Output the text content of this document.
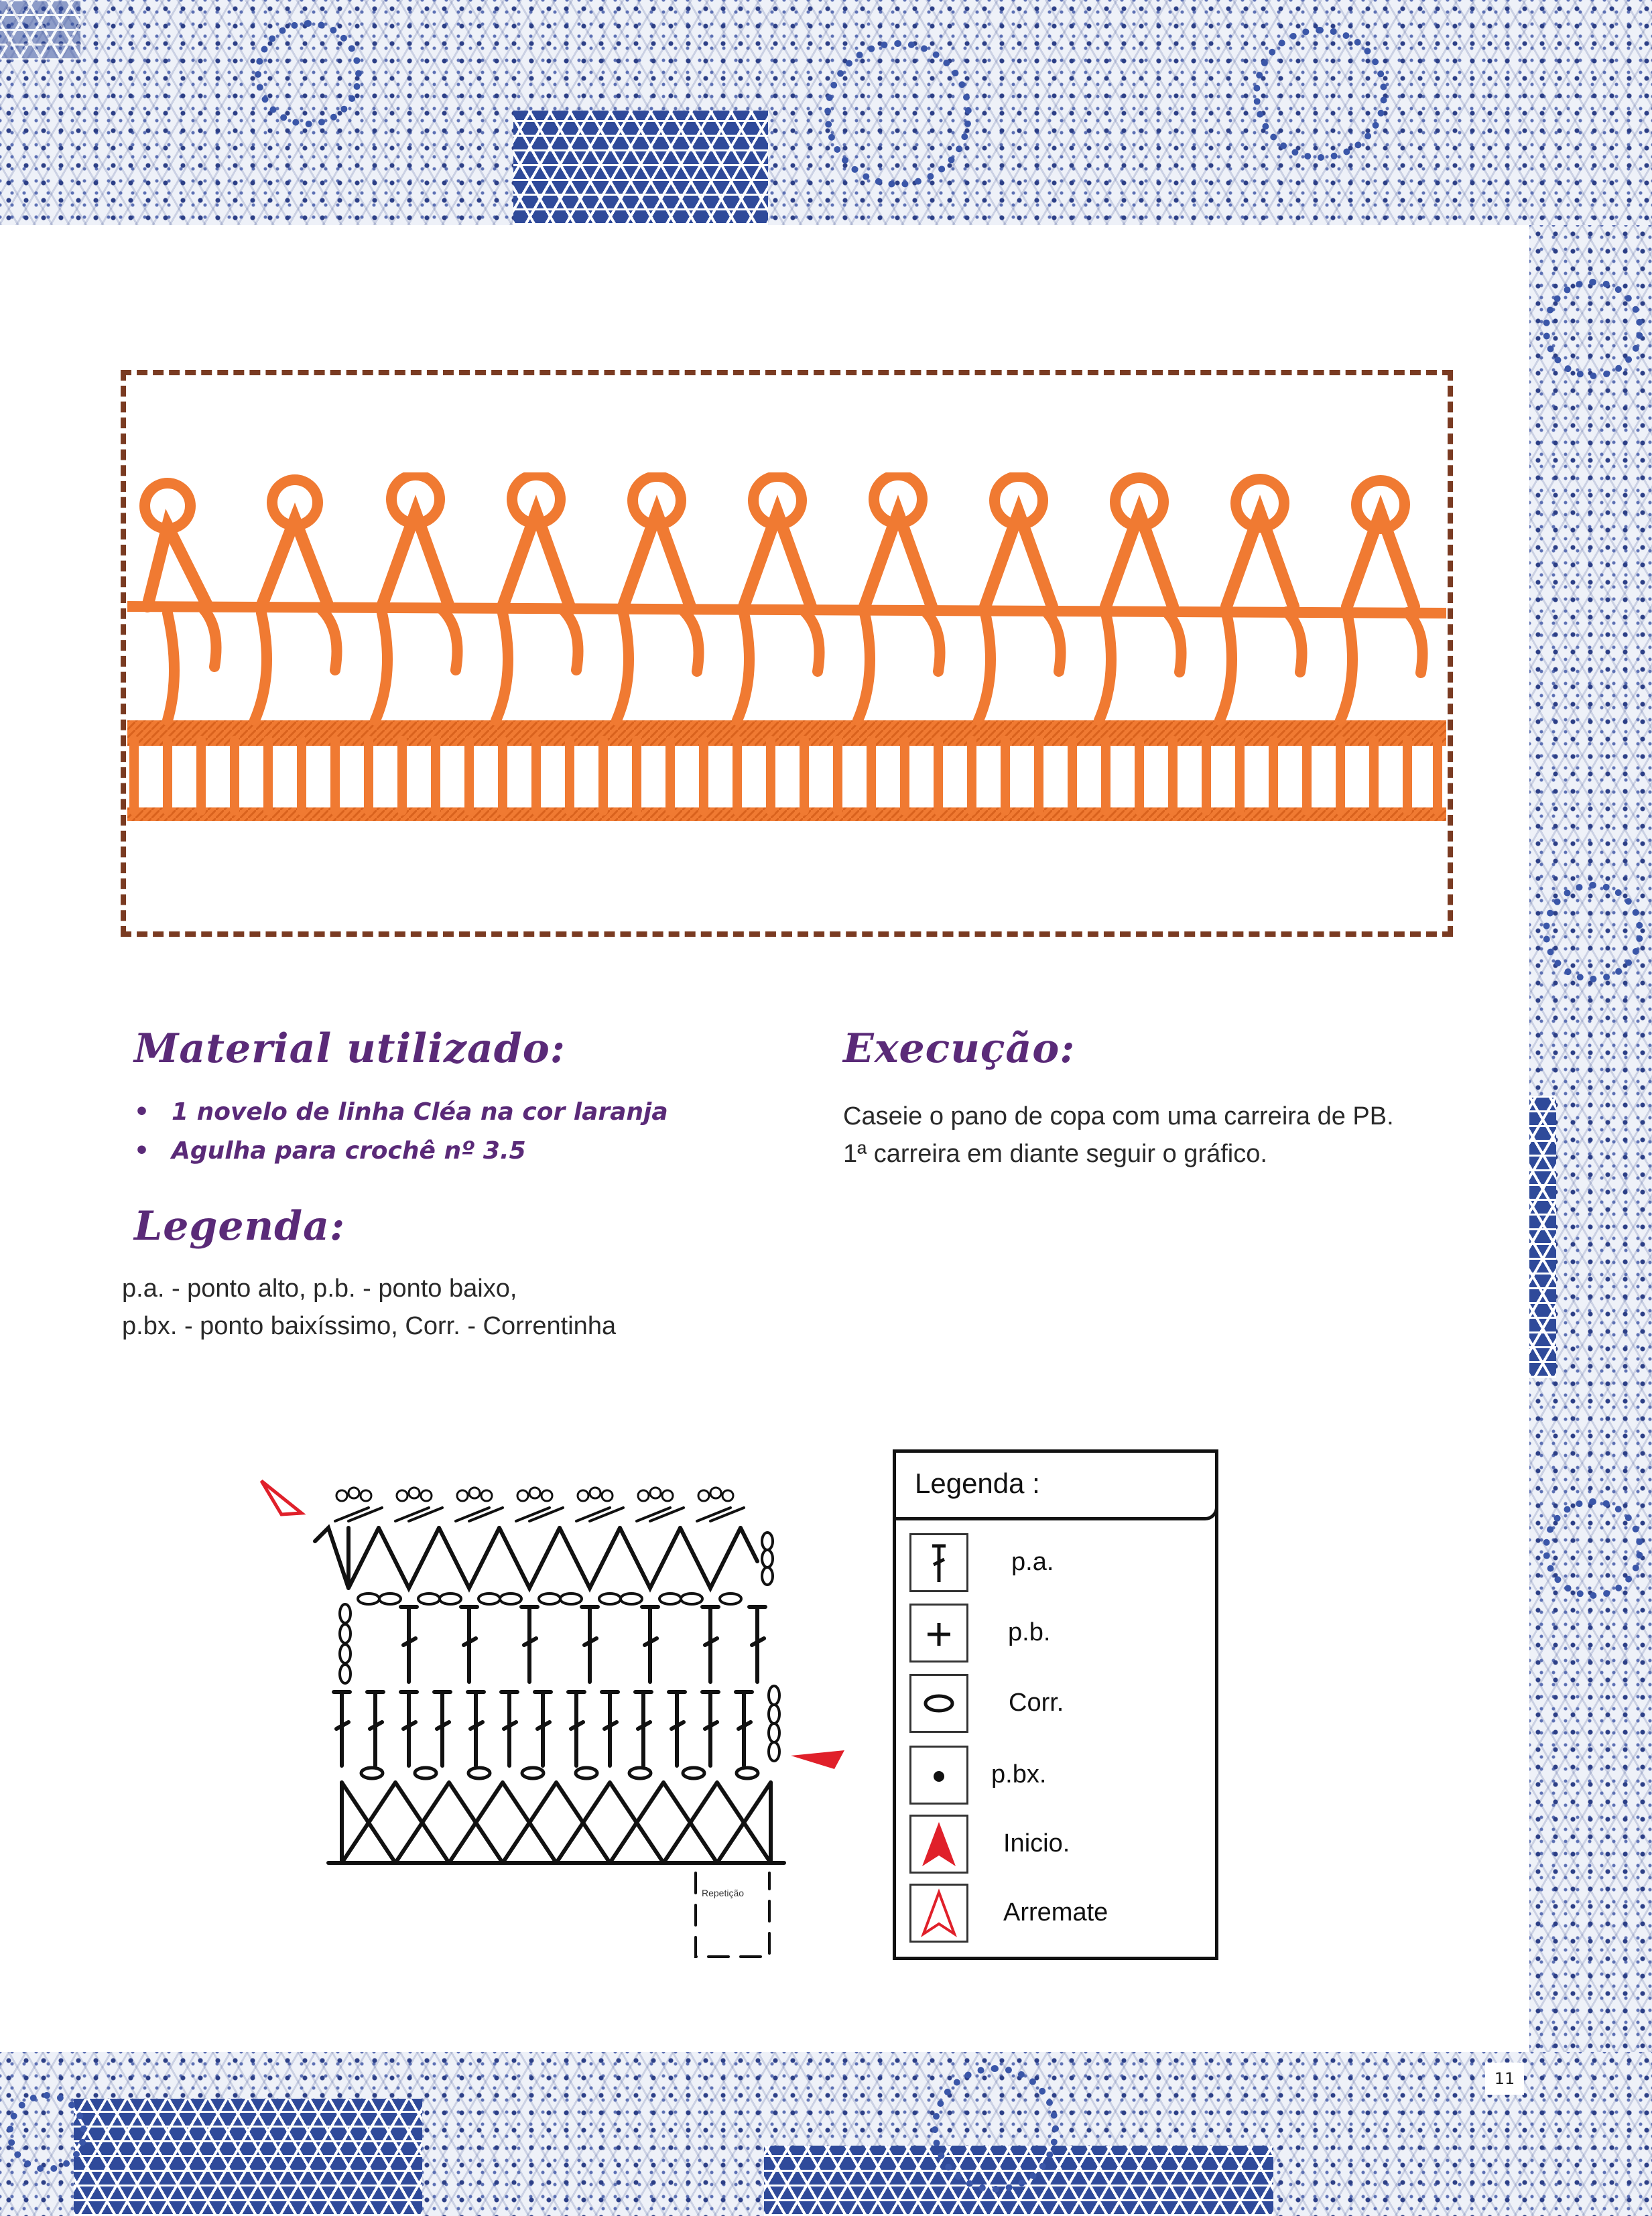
11
Material utilizado:
• 1 novelo de linha Cléa na cor laranja
• Agulha para crochê nº 3.5
Execução:
Caseie o pano de copa com uma carreira de PB.
1ª carreira em diante seguir o gráfico.
Legenda:
p.a. - ponto alto, p.b. - ponto baixo,
p.bx. - ponto baixíssimo, Corr. - Correntinha
Repetição
Legenda :
p.a.
p.b.
Corr.
p.bx.
Inicio.
Arremate
